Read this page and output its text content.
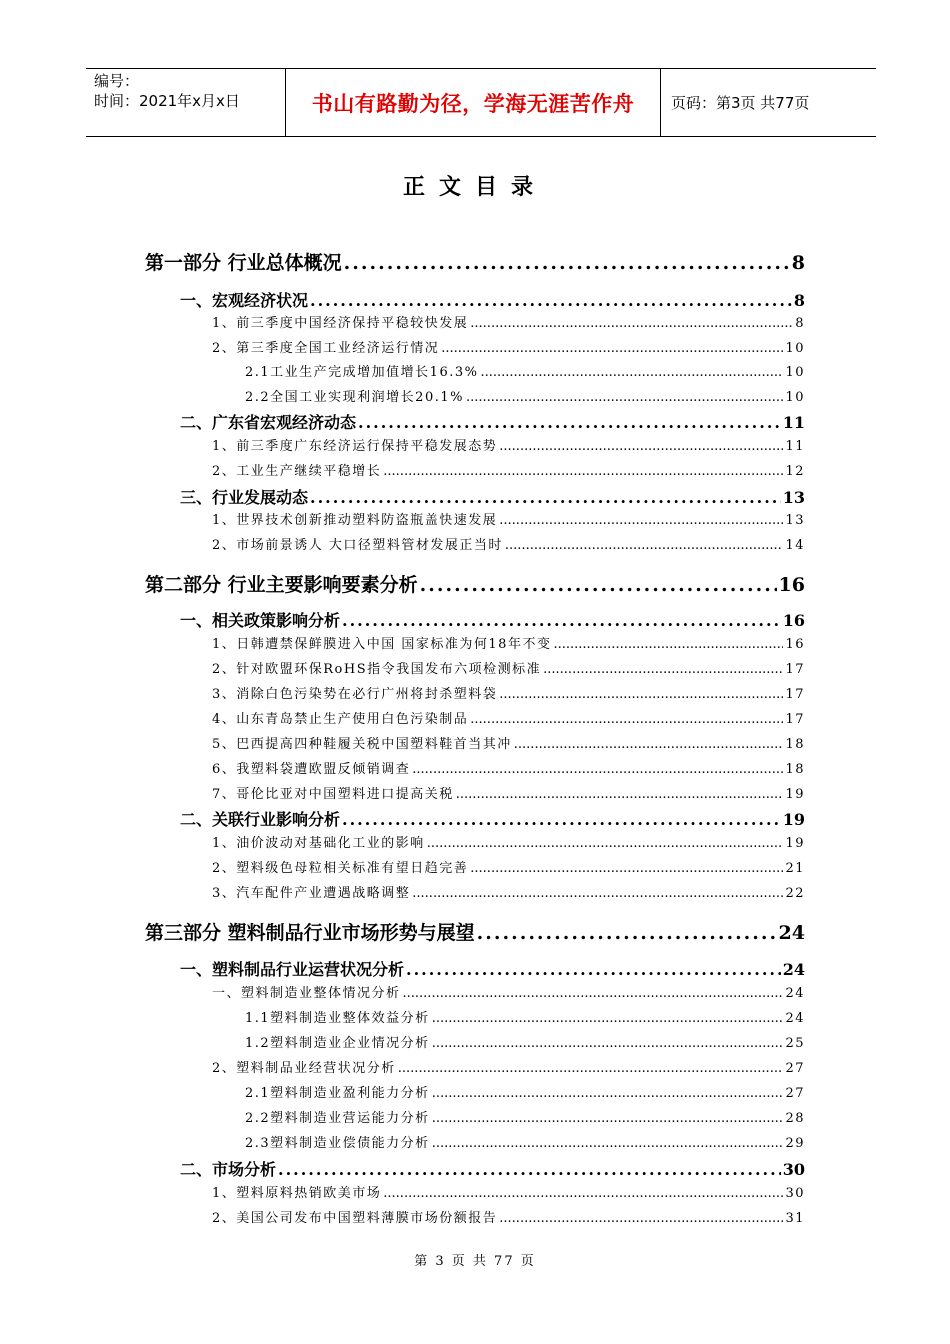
编号：
时间：2021年x月x日	书山有路勤为径，学海无涯苦作舟	页码：第3页 共77页
正文目录
第一部分 行业总体概况 .....	8
一、宏观经济状况 .....	8
1、前三季度中国经济保持平稳较快发展 .....	8
2、第三季度全国工业经济运行情况 .....	10
2.1工业生产完成增加值增长16.3% .....	10
2.2全国工业实现利润增长20.1% .....	10
二、广东省宏观经济动态 .....	11
1、前三季度广东经济运行保持平稳发展态势 .....	11
2、工业生产继续平稳增长 .....	12
三、行业发展动态 .....	13
1、世界技术创新推动塑料防盗瓶盖快速发展 .....	13
2、市场前景诱人 大口径塑料管材发展正当时 .....	14
第二部分 行业主要影响要素分析 .....	16
一、相关政策影响分析 .....	16
1、日韩遭禁保鲜膜进入中国 国家标准为何18年不变 .....	16
2、针对欧盟环保RoHS指令我国发布六项检测标准 .....	17
3、消除白色污染势在必行广州将封杀塑料袋 .....	17
4、山东青岛禁止生产使用白色污染制品 .....	17
5、巴西提高四种鞋履关税中国塑料鞋首当其冲 .....	18
6、我塑料袋遭欧盟反倾销调查 .....	18
7、哥伦比亚对中国塑料进口提高关税 .....	19
二、关联行业影响分析 .....	19
1、油价波动对基础化工业的影响 .....	19
2、塑料级色母粒相关标准有望日趋完善 .....	21
3、汽车配件产业遭遇战略调整 .....	22
第三部分 塑料制品行业市场形势与展望 .....	24
一、塑料制品行业运营状况分析 .....	24
一、塑料制造业整体情况分析 .....	24
1.1塑料制造业整体效益分析 .....	24
1.2塑料制造业企业情况分析 .....	25
2、塑料制品业经营状况分析 .....	27
2.1塑料制造业盈利能力分析 .....	27
2.2塑料制造业营运能力分析 .....	28
2.3塑料制造业偿债能力分析 .....	29
二、市场分析 .....	30
1、塑料原料热销欧美市场 .....	30
2、美国公司发布中国塑料薄膜市场份额报告 .....	31
第 3 页 共 77 页
